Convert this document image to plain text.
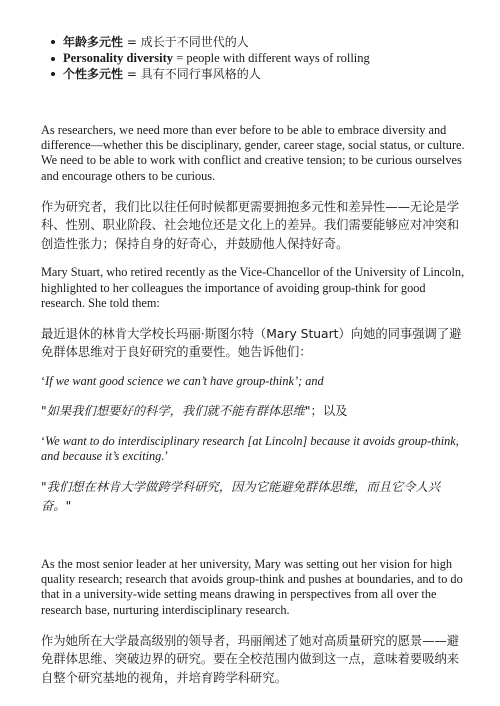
年龄多元性 = 成长于不同世代的人
Personality diversity = people with different ways of rolling
个性多元性 = 具有不同行事风格的人

As researchers, we need more than ever before to be able to embrace diversity and difference—whether this be disciplinary, gender, career stage, social status, or culture. We need to be able to work with conflict and creative tension; to be curious ourselves and encourage others to be curious.

作为研究者，我们比以往任何时候都更需要拥抱多元性和差异性——无论是学科、性别、职业阶段、社会地位还是文化上的差异。我们需要能够应对冲突和创造性张力；保持自身的好奇心，并鼓励他人保持好奇。

Mary Stuart, who retired recently as the Vice-Chancellor of the University of Lincoln, highlighted to her colleagues the importance of avoiding group-think for good research. She told them:

最近退休的林肯大学校长玛丽·斯图尔特（Mary Stuart）向她的同事强调了避免群体思维对于良好研究的重要性。她告诉他们：

‘If we want good science we can’t have group-think’; and

"如果我们想要好的科学，我们就不能有群体思维"；以及

‘We want to do interdisciplinary research [at Lincoln] because it avoids group-think, and because it’s exciting.’

"我们想在林肯大学做跨学科研究，因为它能避免群体思维，而且它令人兴奋。"

As the most senior leader at her university, Mary was setting out her vision for high quality research; research that avoids group-think and pushes at boundaries, and to do that in a university-wide setting means drawing in perspectives from all over the research base, nurturing interdisciplinary research.

作为她所在大学最高级别的领导者，玛丽阐述了她对高质量研究的愿景——避免群体思维、突破边界的研究。要在全校范围内做到这一点，意味着要吸纳来自整个研究基地的视角，并培育跨学科研究。
